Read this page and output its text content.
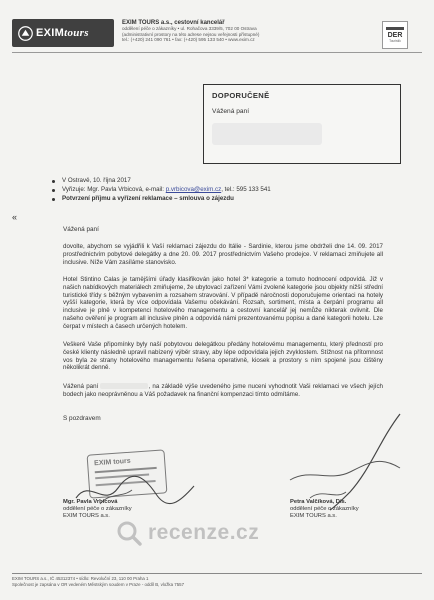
EXIMtours
EXIM TOURS a.s., cestovní kancelář
oddělení péče o zákazníky • ul. Rohačova 3339/5, 702 00 Ostrava
(administrativní prostory na této adrese nejsou veřejnosti přístupné)
tel.: (+420) 241 090 761 • fax: (+420) 595 133 540 • www.exim.cz
DER
Touristik
DOPORUČENĚ
Vážená paní
V Ostravě, 10. října 2017
Vyřizuje: Mgr. Pavla Vrbicová, e-mail: p.vrbicova@exim.cz, tel.: 595 133 541
Potvrzení příjmu a vyřízení reklamace – smlouva o zájezdu
«
Vážená paní
dovolte, abychom se vyjádřili k Vaší reklamaci zájezdu do Itálie - Sardinie, kterou jsme obdrželi dne 14. 09. 2017 prostřednictvím pobytové delegátky a dne 20. 09. 2017 prostřednictvím Vašeho prodejce. V reklamaci zmiňujete all inclusive. Níže Vám zasíláme stanovisko.
Hotel Stintino Calas je tamějšími úřady klasifikován jako hotel 3* kategorie a tomuto hodnocení odpovídá. Již v našich nabídkových materiálech zmiňujeme, že ubytovací zařízení Vámi zvolené kategorie jsou objekty nižší střední turistické třídy s běžným vybavením a rozsahem stravování. V případě náročnosti doporučujeme orientaci na hotely vyšší kategorie, která by více odpovídala Vašemu očekávání. Rozsah, sortiment, místa a čerpání programu all inclusive je plně v kompetenci hotelového managementu a cestovní kancelář jej nemůže nikterak ovlivnit. Dle našeho ověření je program all inclusive plněn a odpovídá námi prezentovanému popisu a dané kategorii hotelu. Lze čerpat v místech a časech určených hotelem.
Veškeré Vaše připomínky byly naší pobytovou delegátkou předány hotelovému managementu, který předností pro české klienty následně upravil nabízený výběr stravy, aby lépe odpovídala jejich zvyklostem. Stížnost na přítomnost vos byla ze strany hotelového managementu řešena operativně, kiosek a prostory s ním spojené jsou čištěny několikrát denně.
Vážená paní	, na základě výše uvedeného jsme nuceni vyhodnotit Vaši reklamaci ve všech jejích bodech jako neoprávněnou a Váš požadavek na finanční kompenzaci tímto odmítáme.
S pozdravem
EXIM tours
Mgr. Pavla Vrbicová
oddělení péče o zákazníky
EXIM TOURS a.s.
Petra Valčíková, Dis.
oddělení péče o zákazníky
EXIM TOURS a.s.
recenze.cz
EXIM TOURS a.s., IČ 45312374 • sídlo: Revoluční 23, 110 00 Praha 1
Společnost je zapsána v OR vedeném Městským soudem v Praze - oddíl B, vložka 7557
